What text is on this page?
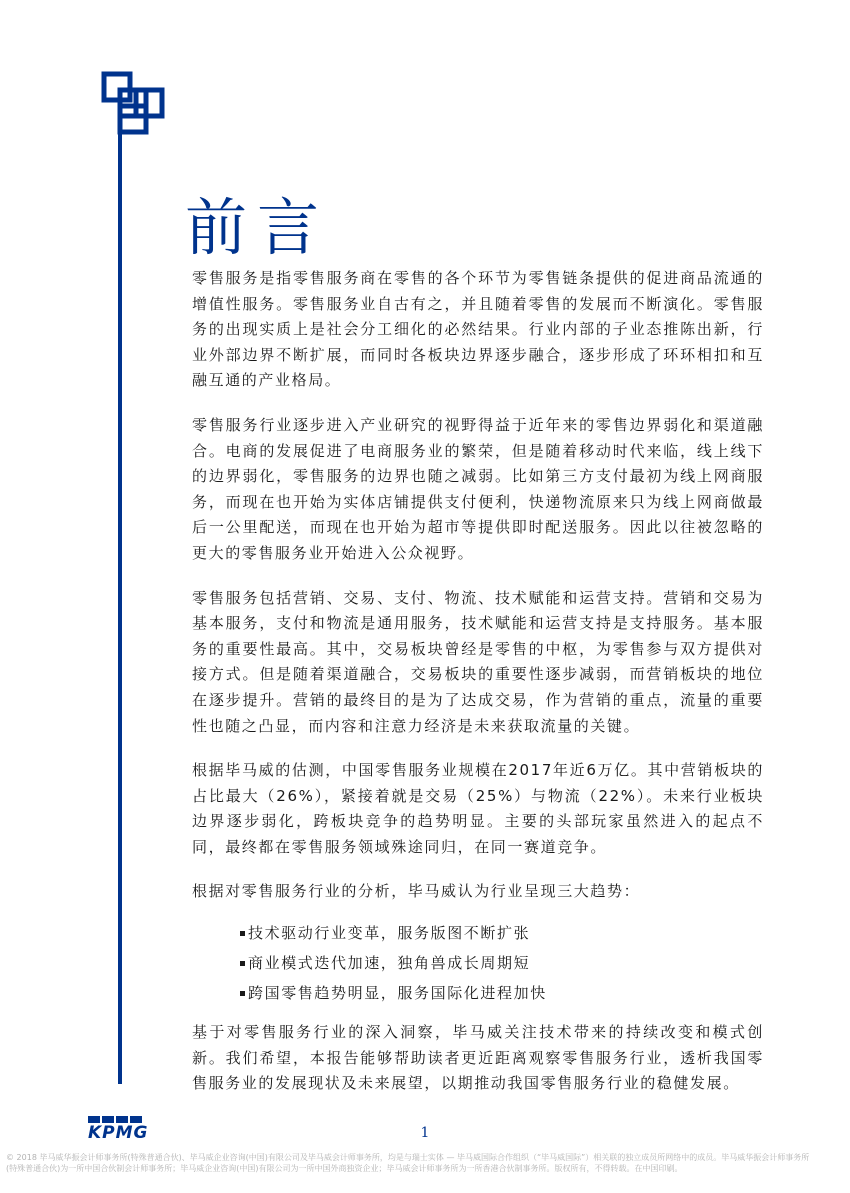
前言

零售服务是指零售服务商在零售的各个环节为零售链条提供的促进商品流通的增值性服务。零售服务业自古有之，并且随着零售的发展而不断演化。零售服务的出现实质上是社会分工细化的必然结果。行业内部的子业态推陈出新，行业外部边界不断扩展，而同时各板块边界逐步融合，逐步形成了环环相扣和互融互通的产业格局。

零售服务行业逐步进入产业研究的视野得益于近年来的零售边界弱化和渠道融合。电商的发展促进了电商服务业的繁荣，但是随着移动时代来临，线上线下的边界弱化，零售服务的边界也随之减弱。比如第三方支付最初为线上网商服务，而现在也开始为实体店铺提供支付便利，快递物流原来只为线上网商做最后一公里配送，而现在也开始为超市等提供即时配送服务。因此以往被忽略的更大的零售服务业开始进入公众视野。

零售服务包括营销、交易、支付、物流、技术赋能和运营支持。营销和交易为基本服务，支付和物流是通用服务，技术赋能和运营支持是支持服务。基本服务的重要性最高。其中，交易板块曾经是零售的中枢，为零售参与双方提供对接方式。但是随着渠道融合，交易板块的重要性逐步减弱，而营销板块的地位在逐步提升。营销的最终目的是为了达成交易，作为营销的重点，流量的重要性也随之凸显，而内容和注意力经济是未来获取流量的关键。

根据毕马威的估测，中国零售服务业规模在2017年近6万亿。其中营销板块的占比最大（26%），紧接着就是交易（25%）与物流（22%）。未来行业板块边界逐步弱化，跨板块竞争的趋势明显。主要的头部玩家虽然进入的起点不同，最终都在零售服务领域殊途同归，在同一赛道竞争。

根据对零售服务行业的分析，毕马威认为行业呈现三大趋势：

技术驱动行业变革，服务版图不断扩张
商业模式迭代加速，独角兽成长周期短
跨国零售趋势明显，服务国际化进程加快

基于对零售服务行业的深入洞察，毕马威关注技术带来的持续改变和模式创新。我们希望，本报告能够帮助读者更近距离观察零售服务行业，透析我国零售服务业的发展现状及未来展望，以期推动我国零售服务行业的稳健发展。

KPMG	1
© 2018 毕马威华振会计师事务所(特殊普通合伙)、毕马威企业咨询(中国)有限公司及毕马威会计师事务所，均是与瑞士实体 — 毕马威国际合作组织（“毕马威国际”）相关联的独立成员所网络中的成员。毕马威华振会计师事务所(特殊普通合伙)为一所中国合伙制会计师事务所；毕马威企业咨询(中国)有限公司为一所中国外商独资企业；毕马威会计师事务所为一所香港合伙制事务所。版权所有，不得转载。在中国印刷。
